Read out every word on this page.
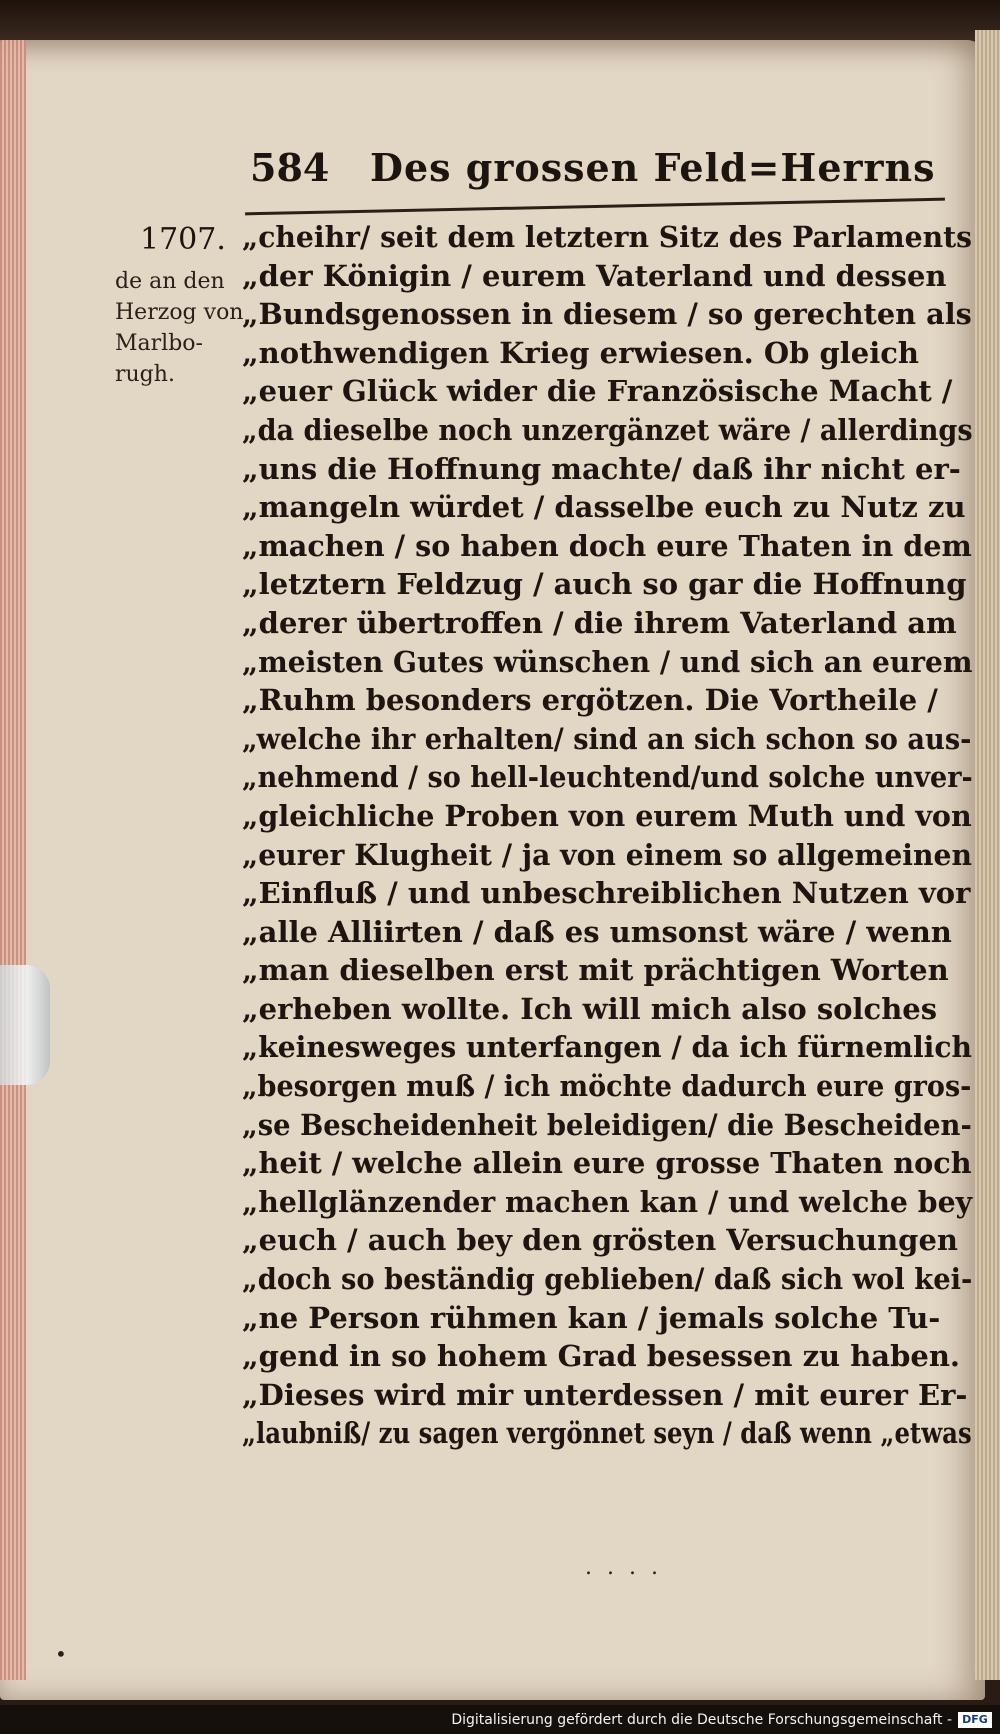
584 Des grossen Feld=Herrns
1707.
de an den
Herzog von
Marlbo-
rugh.
„cheihr/ seit dem letztern Sitz des Parlaments
„der Königin / eurem Vaterland und dessen
„Bundsgenossen in diesem / so gerechten als
„nothwendigen Krieg erwiesen. Ob gleich
„euer Glück wider die Französische Macht /
„da dieselbe noch unzergänzet wäre / allerdings
„uns die Hoffnung machte/ daß ihr nicht er-
„mangeln würdet / dasselbe euch zu Nutz zu
„machen / so haben doch eure Thaten in dem
„letztern Feldzug / auch so gar die Hoffnung
„derer übertroffen / die ihrem Vaterland am
„meisten Gutes wünschen / und sich an eurem
„Ruhm besonders ergötzen. Die Vortheile /
„welche ihr erhalten/ sind an sich schon so aus-
„nehmend / so hell-leuchtend/und solche unver-
„gleichliche Proben von eurem Muth und von
„eurer Klugheit / ja von einem so allgemeinen
„Einfluß / und unbeschreiblichen Nutzen vor
„alle Alliirten / daß es umsonst wäre / wenn
„man dieselben erst mit prächtigen Worten
„erheben wollte. Ich will mich also solches
„keinesweges unterfangen / da ich fürnemlich
„besorgen muß / ich möchte dadurch eure gros-
„se Bescheidenheit beleidigen/ die Bescheiden-
„heit / welche allein eure grosse Thaten noch
„hellglänzender machen kan / und welche bey
„euch / auch bey den grösten Versuchungen
„doch so beständig geblieben/ daß sich wol kei-
„ne Person rühmen kan / jemals solche Tu-
„gend in so hohem Grad besessen zu haben.
„Dieses wird mir unterdessen / mit eurer Er-
„laubniß/ zu sagen vergönnet seyn / daß wenn „etwas
. . . .
•
Digitalisierung gefördert durch die Deutsche Forschungsgemeinschaft - DFG
